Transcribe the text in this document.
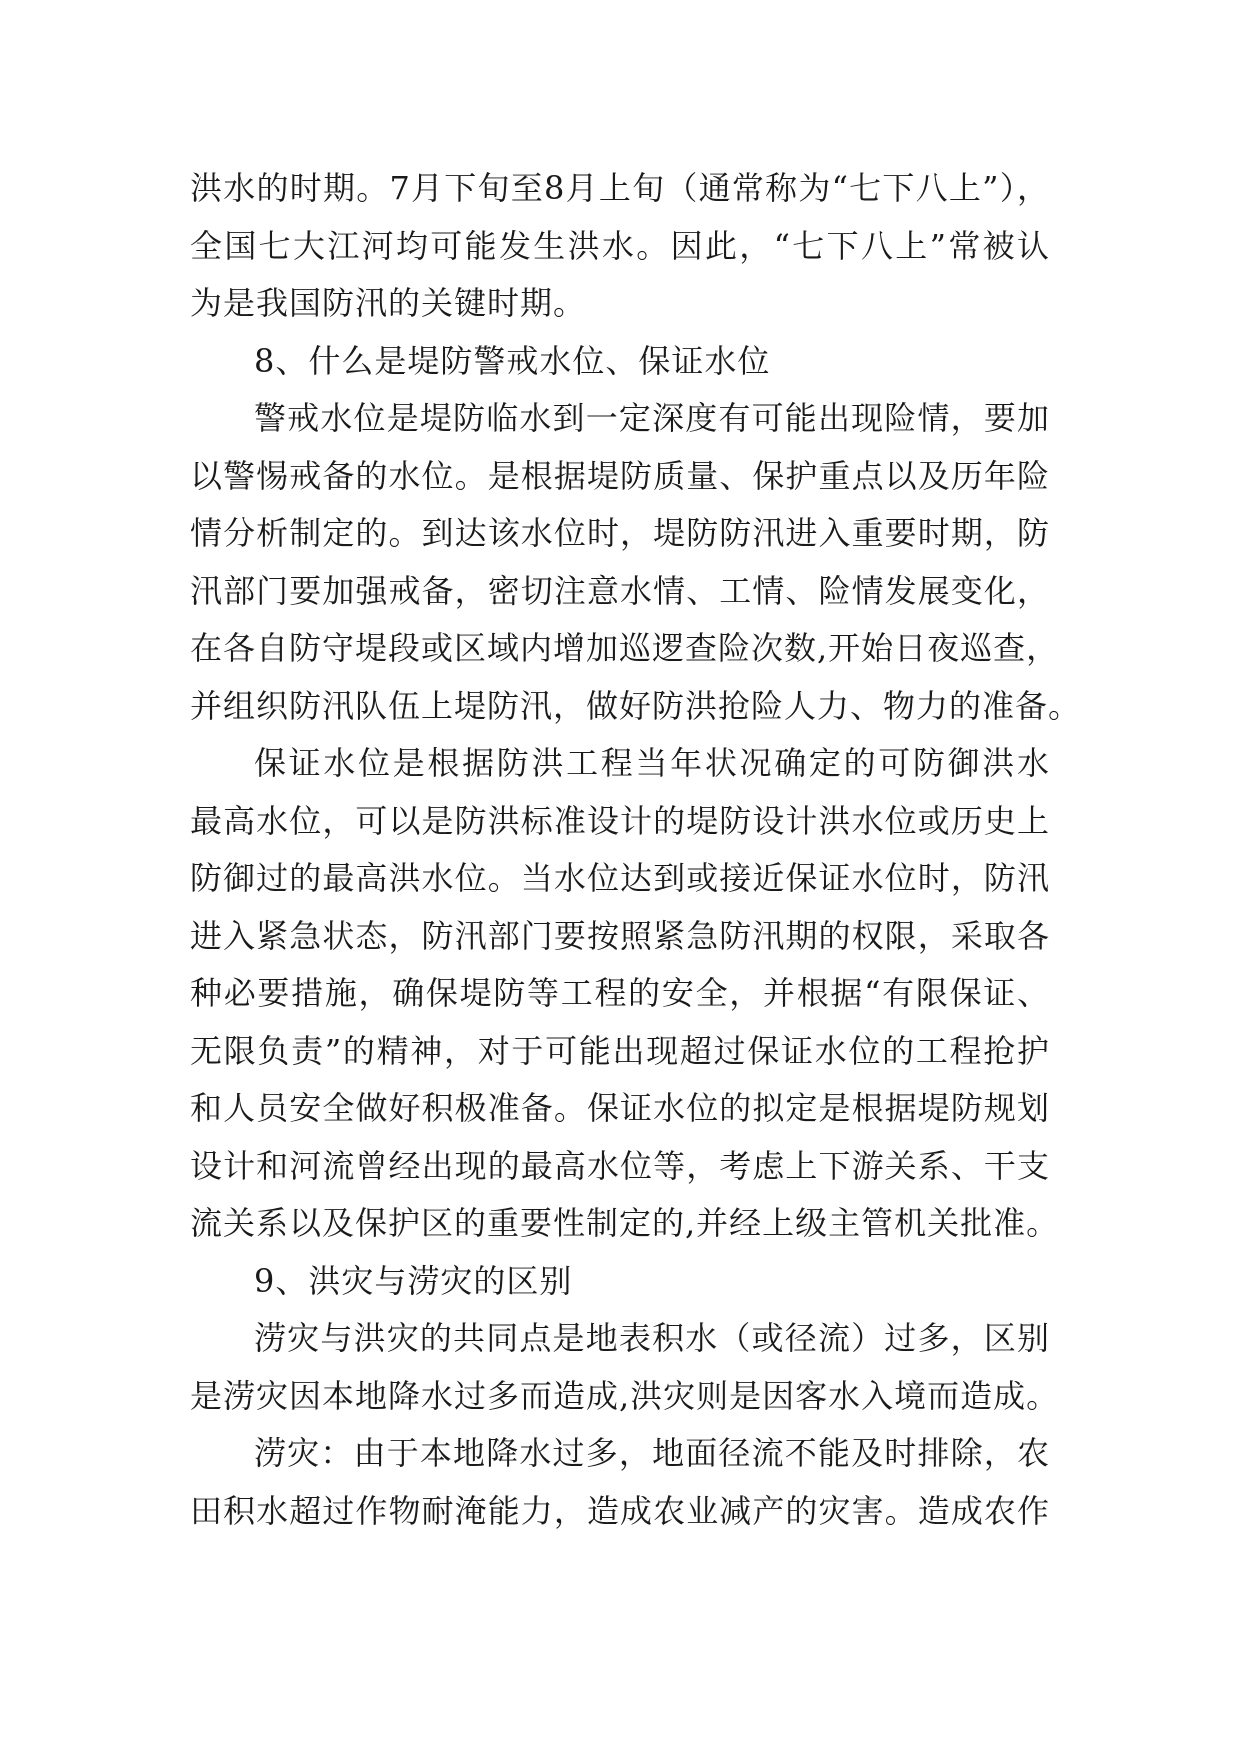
洪水的时期。7月下旬至8月上旬（通常称为“七下八上”），
全国七大江河均可能发生洪水。因此，“七下八上”常被认
为是我国防汛的关键时期。
8、什么是堤防警戒水位、保证水位
警戒水位是堤防临水到一定深度有可能出现险情，要加
以警惕戒备的水位。是根据堤防质量、保护重点以及历年险
情分析制定的。到达该水位时，堤防防汛进入重要时期，防
汛部门要加强戒备，密切注意水情、工情、险情发展变化，
在各自防守堤段或区域内增加巡逻查险次数,开始日夜巡查，
并组织防汛队伍上堤防汛，做好防洪抢险人力、物力的准备。
保证水位是根据防洪工程当年状况确定的可防御洪水
最高水位，可以是防洪标准设计的堤防设计洪水位或历史上
防御过的最高洪水位。当水位达到或接近保证水位时，防汛
进入紧急状态，防汛部门要按照紧急防汛期的权限，采取各
种必要措施，确保堤防等工程的安全，并根据“有限保证、
无限负责”的精神，对于可能出现超过保证水位的工程抢护
和人员安全做好积极准备。保证水位的拟定是根据堤防规划
设计和河流曾经出现的最高水位等，考虑上下游关系、干支
流关系以及保护区的重要性制定的,并经上级主管机关批准。
9、洪灾与涝灾的区别
涝灾与洪灾的共同点是地表积水（或径流）过多，区别
是涝灾因本地降水过多而造成,洪灾则是因客水入境而造成。
涝灾：由于本地降水过多，地面径流不能及时排除，农
田积水超过作物耐淹能力，造成农业减产的灾害。造成农作
